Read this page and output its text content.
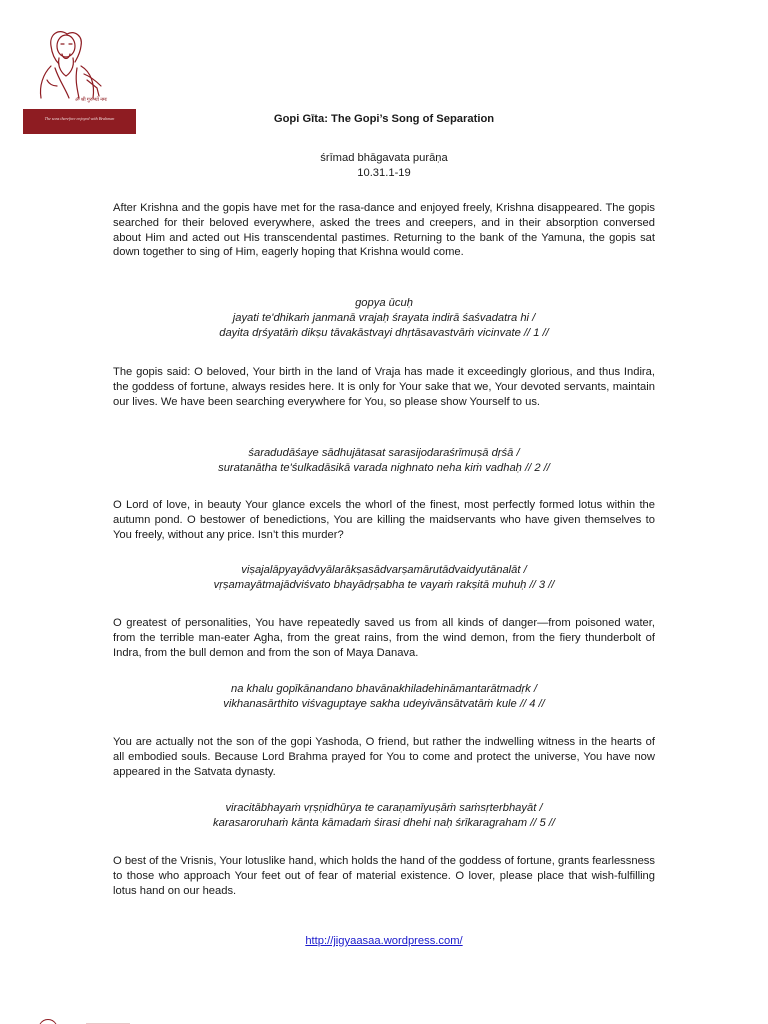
ॐ श्री गुरुभ्यो नमः
The sons therefore enjoyed with Brahman	Gopi Gīta: The Gopi’s Song of Separation
śrīmad bhāgavata purāṇa
10.31.1-19

After Krishna and the gopis have met for the rasa-dance and enjoyed freely, Krishna disappeared. The gopis searched for their beloved everywhere, asked the trees and creepers, and in their absorption conversed about Him and acted out His transcendental pastimes. Returning to the bank of the Yamuna, the gopis sat down together to sing of Him, eagerly hoping that Krishna would come.

gopya ūcuḥ

jayati te'dhikaṁ janmanā vrajaḥ śrayata indirā śaśvadatra hi /

dayita dṛśyatāṁ dikṣu tāvakāstvayi dhṛtāsavastvāṁ vicinvate // 1 //

The gopis said: O beloved, Your birth in the land of Vraja has made it exceedingly glorious, and thus Indira, the goddess of fortune, always resides here. It is only for Your sake that we, Your devoted servants, maintain our lives. We have been searching everywhere for You, so please show Yourself to us.

śaradudāśaye sādhujātasat sarasijodaraśrīmuṣā dṛśā /

suratanātha te'śulkadāsikā varada nighnato neha kiṁ vadhaḥ // 2 //

O Lord of love, in beauty Your glance excels the whorl of the finest, most perfectly formed lotus within the autumn pond. O bestower of benedictions, You are killing the maidservants who have given themselves to You freely, without any price. Isn’t this murder?

viṣajalāpyayādvyālarākṣasādvarṣamārutādvaidyutānalāt /

vṛṣamayātmajādviśvato bhayādṛṣabha te vayaṁ rakṣitā muhuḥ // 3 //

O greatest of personalities, You have repeatedly saved us from all kinds of danger—from poisoned water, from the terrible man-eater Agha, from the great rains, from the wind demon, from the fiery thunderbolt of Indra, from the bull demon and from the son of Maya Danava.

na khalu gopīkānandano bhavānakhiladehināmantarātmadṛk /

vikhanasārthito viśvaguptaye sakha udeyivānsātvatāṁ kule // 4 //

You are actually not the son of the gopi Yashoda, O friend, but rather the indwelling witness in the hearts of all embodied souls. Because Lord Brahma prayed for You to come and protect the universe, You have now appeared in the Satvata dynasty.

viracitābhayaṁ vṛṣṇidhūrya te caraṇamīyuṣāṁ saṁsṛterbhayāt /

karasaroruhaṁ kānta kāmadaṁ śirasi dhehi naḥ śrīkaragraham // 5 //

O best of the Vrisnis, Your lotuslike hand, which holds the hand of the goddess of fortune, grants fearlessness to those who approach Your feet out of fear of material existence. O lover, please place that wish-fulfilling lotus hand on our heads.

http://jigyaasaa.wordpress.com/
